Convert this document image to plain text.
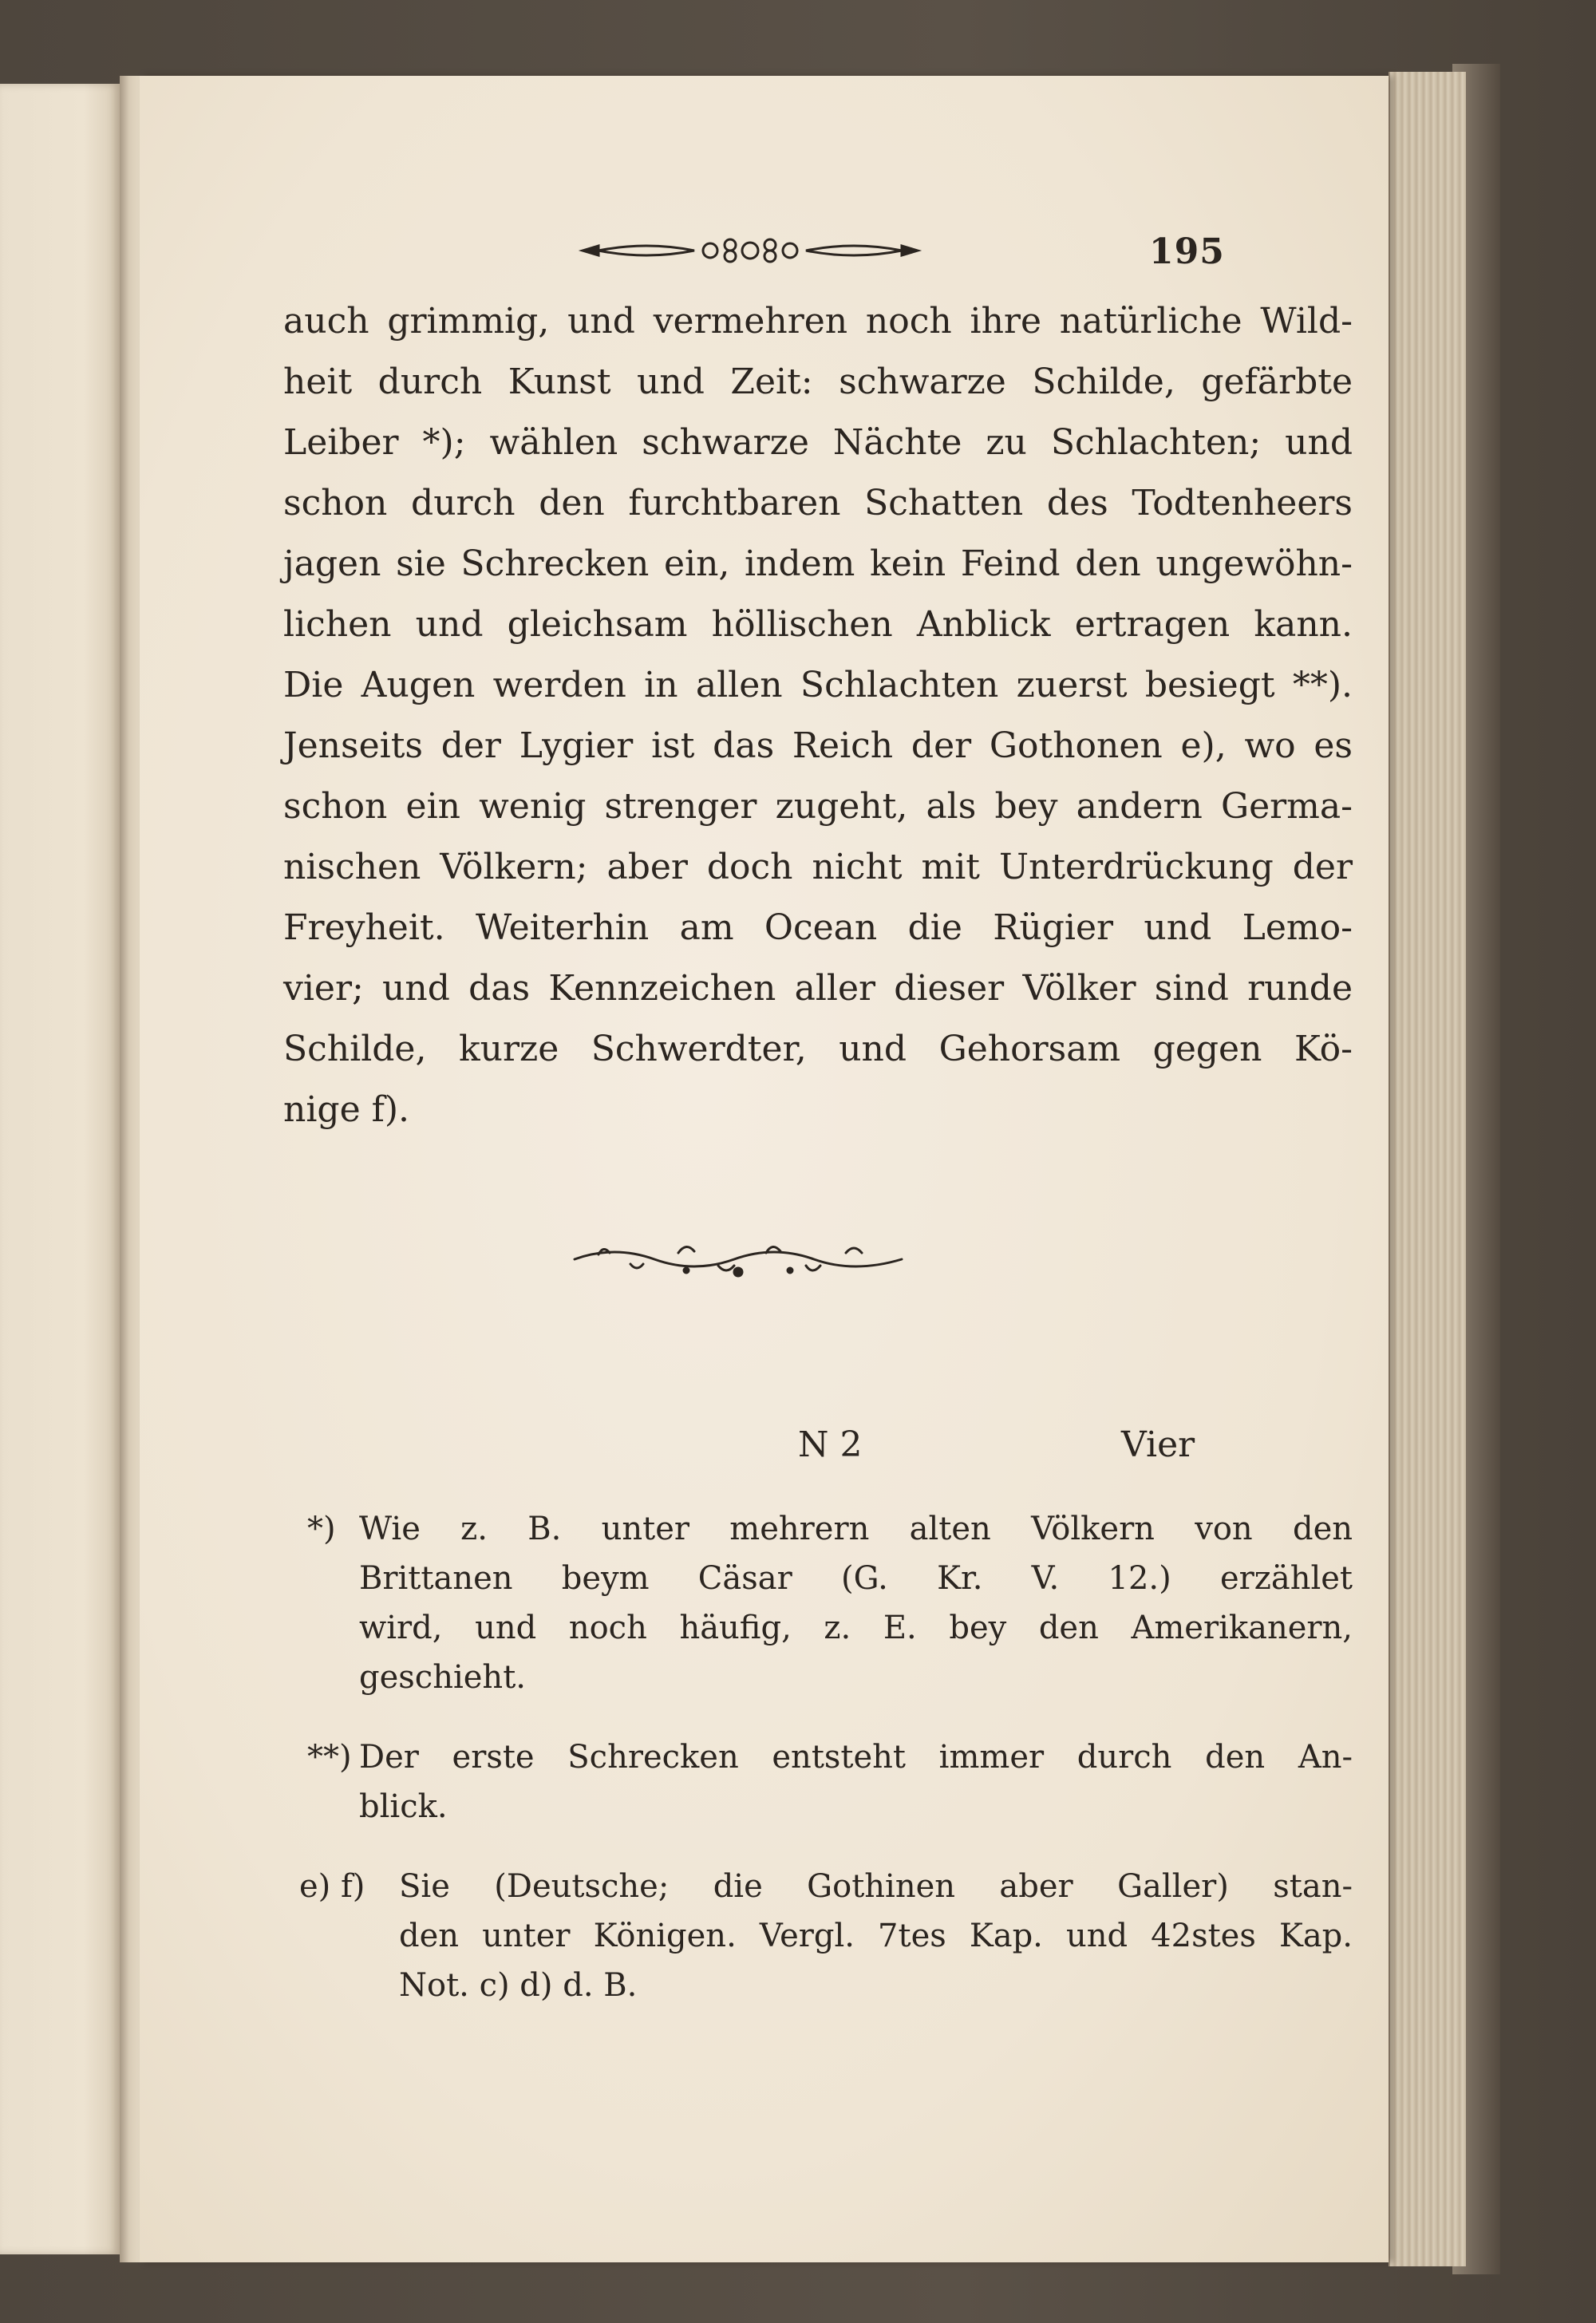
195
auch grimmig, und vermehren noch ihre natürliche Wild-
heit durch Kunst und Zeit: schwarze Schilde, gefärbte
Leiber *); wählen schwarze Nächte zu Schlachten; und
schon durch den furchtbaren Schatten des Todtenheers
jagen sie Schrecken ein, indem kein Feind den ungewöhn-
lichen und gleichsam höllischen Anblick ertragen kann.
Die Augen werden in allen Schlachten zuerst besiegt **).
Jenseits der Lygier ist das Reich der Gothonen e), wo es
schon ein wenig strenger zugeht, als bey andern Germa-
nischen Völkern; aber doch nicht mit Unterdrückung der
Freyheit. Weiterhin am Ocean die Rügier und Lemo-
vier; und das Kennzeichen aller dieser Völker sind runde
Schilde, kurze Schwerdter, und Gehorsam gegen Kö-
nige f).
N 2	Vier
*) Wie z. B. unter mehrern alten Völkern von den
Brittanen beym Cäsar (G. Kr. V. 12.) erzählet
wird, und noch häufig, z. E. bey den Amerikanern,
geschieht.
**) Der erste Schrecken entsteht immer durch den An-
blick.
e) f) Sie (Deutsche; die Gothinen aber Galler) stan-
den unter Königen. Vergl. 7tes Kap. und 42stes Kap.
Not. c) d) d. B.
